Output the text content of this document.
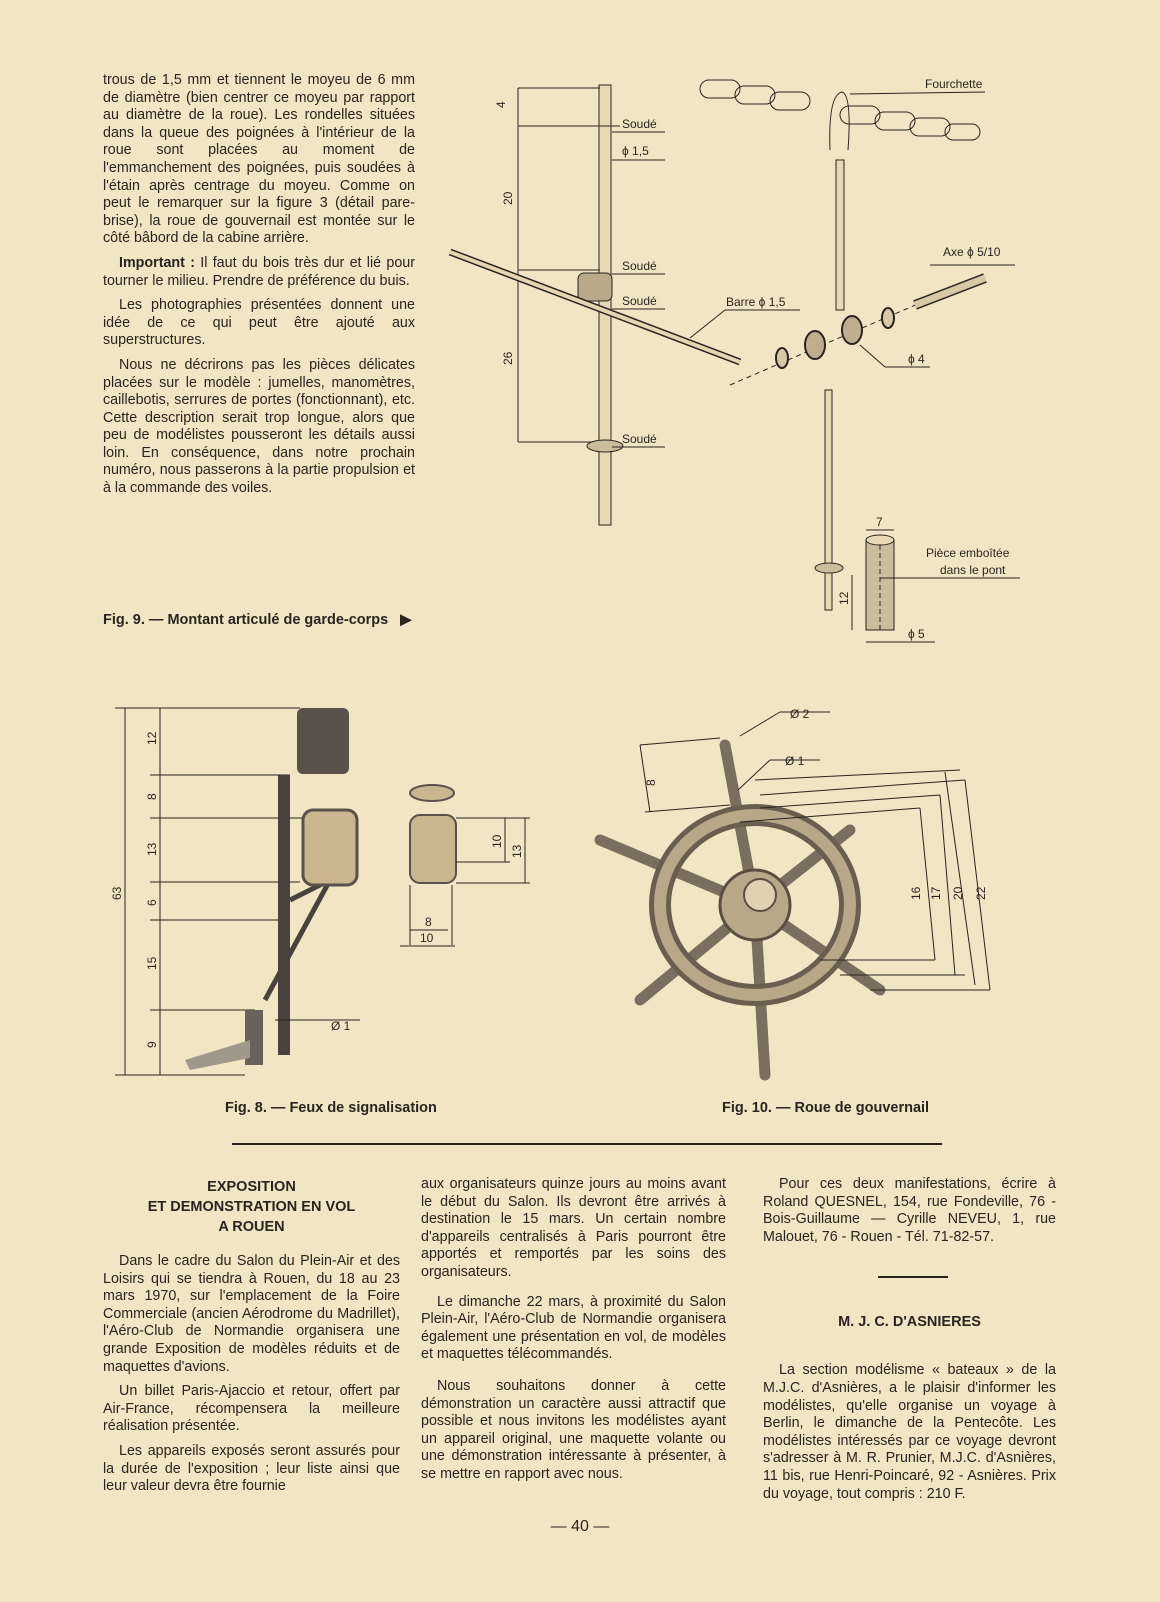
trous de 1,5 mm et tiennent le moyeu de 6 mm de diamètre (bien centrer ce moyeu par rapport au diamètre de la roue). Les rondelles situées dans la queue des poignées à l'intérieur de la roue sont placées au moment de l'emmanchement des poignées, puis soudées à l'étain après centrage du moyeu. Comme on peut le remarquer sur la figure 3 (détail pare-brise), la roue de gouvernail est montée sur le côté bâbord de la cabine arrière.

Important : Il faut du bois très dur et lié pour tourner le milieu. Prendre de préférence du buis.

Les photographies présentées donnent une idée de ce qui peut être ajouté aux superstructures.

Nous ne décrirons pas les pièces délicates placées sur le modèle : jumelles, manomètres, caillebotis, serrures de portes (fonctionnant), etc. Cette description serait trop longue, alors que peu de modélistes pousseront les détails aussi loin. En conséquence, dans notre prochain numéro, nous passerons à la partie propulsion et à la commande des voiles.

Fig. 9. — Montant articulé de garde-corps ▶
4
20
26
Soudé
ϕ 1,5
Soudé
Soudé
Soudé
Fourchette
Axe ϕ 5/10
Barre ϕ 1,5
ϕ 4
7
12
Pièce emboîtée
dans le pont
ϕ 5
12
8
13
6
15
9
63
Ø 1
10
13
8
10
Fig. 8. — Feux de signalisation
Ø 2
Ø 1
8
16 17 20 22
Fig. 10. — Roue de gouvernail
EXPOSITION
ET DEMONSTRATION EN VOL
A ROUEN

Dans le cadre du Salon du Plein-Air et des Loisirs qui se tiendra à Rouen, du 18 au 23 mars 1970, sur l'emplacement de la Foire Commerciale (ancien Aérodrome du Madrillet), l'Aéro-Club de Normandie organisera une grande Exposition de modèles réduits et de maquettes d'avions.

Un billet Paris-Ajaccio et retour, offert par Air-France, récompensera la meilleure réalisation présentée.

Les appareils exposés seront assurés pour la durée de l'exposition ; leur liste ainsi que leur valeur devra être fournie

aux organisateurs quinze jours au moins avant le début du Salon. Ils devront être arrivés à destination le 15 mars. Un certain nombre d'appareils centralisés à Paris pourront être apportés et remportés par les soins des organisateurs.

Le dimanche 22 mars, à proximité du Salon Plein-Air, l'Aéro-Club de Normandie organisera également une présentation en vol, de modèles et maquettes télécommandés.

Nous souhaitons donner à cette démonstration un caractère aussi attractif que possible et nous invitons les modélistes ayant un appareil original, une maquette volante ou une démonstration intéressante à présenter, à se mettre en rapport avec nous.

Pour ces deux manifestations, écrire à Roland QUESNEL, 154, rue Fondeville, 76 - Bois-Guillaume — Cyrille NEVEU, 1, rue Malouet, 76 - Rouen - Tél. 71-82-57.

M. J. C. D'ASNIERES

La section modélisme « bateaux » de la M.J.C. d'Asnières, a le plaisir d'informer les modélistes, qu'elle organise un voyage à Berlin, le dimanche de la Pentecôte. Les modélistes intéressés par ce voyage devront s'adresser à M. R. Prunier, M.J.C. d'Asnières, 11 bis, rue Henri-Poincaré, 92 - Asnières. Prix du voyage, tout compris : 210 F.

— 40 —
